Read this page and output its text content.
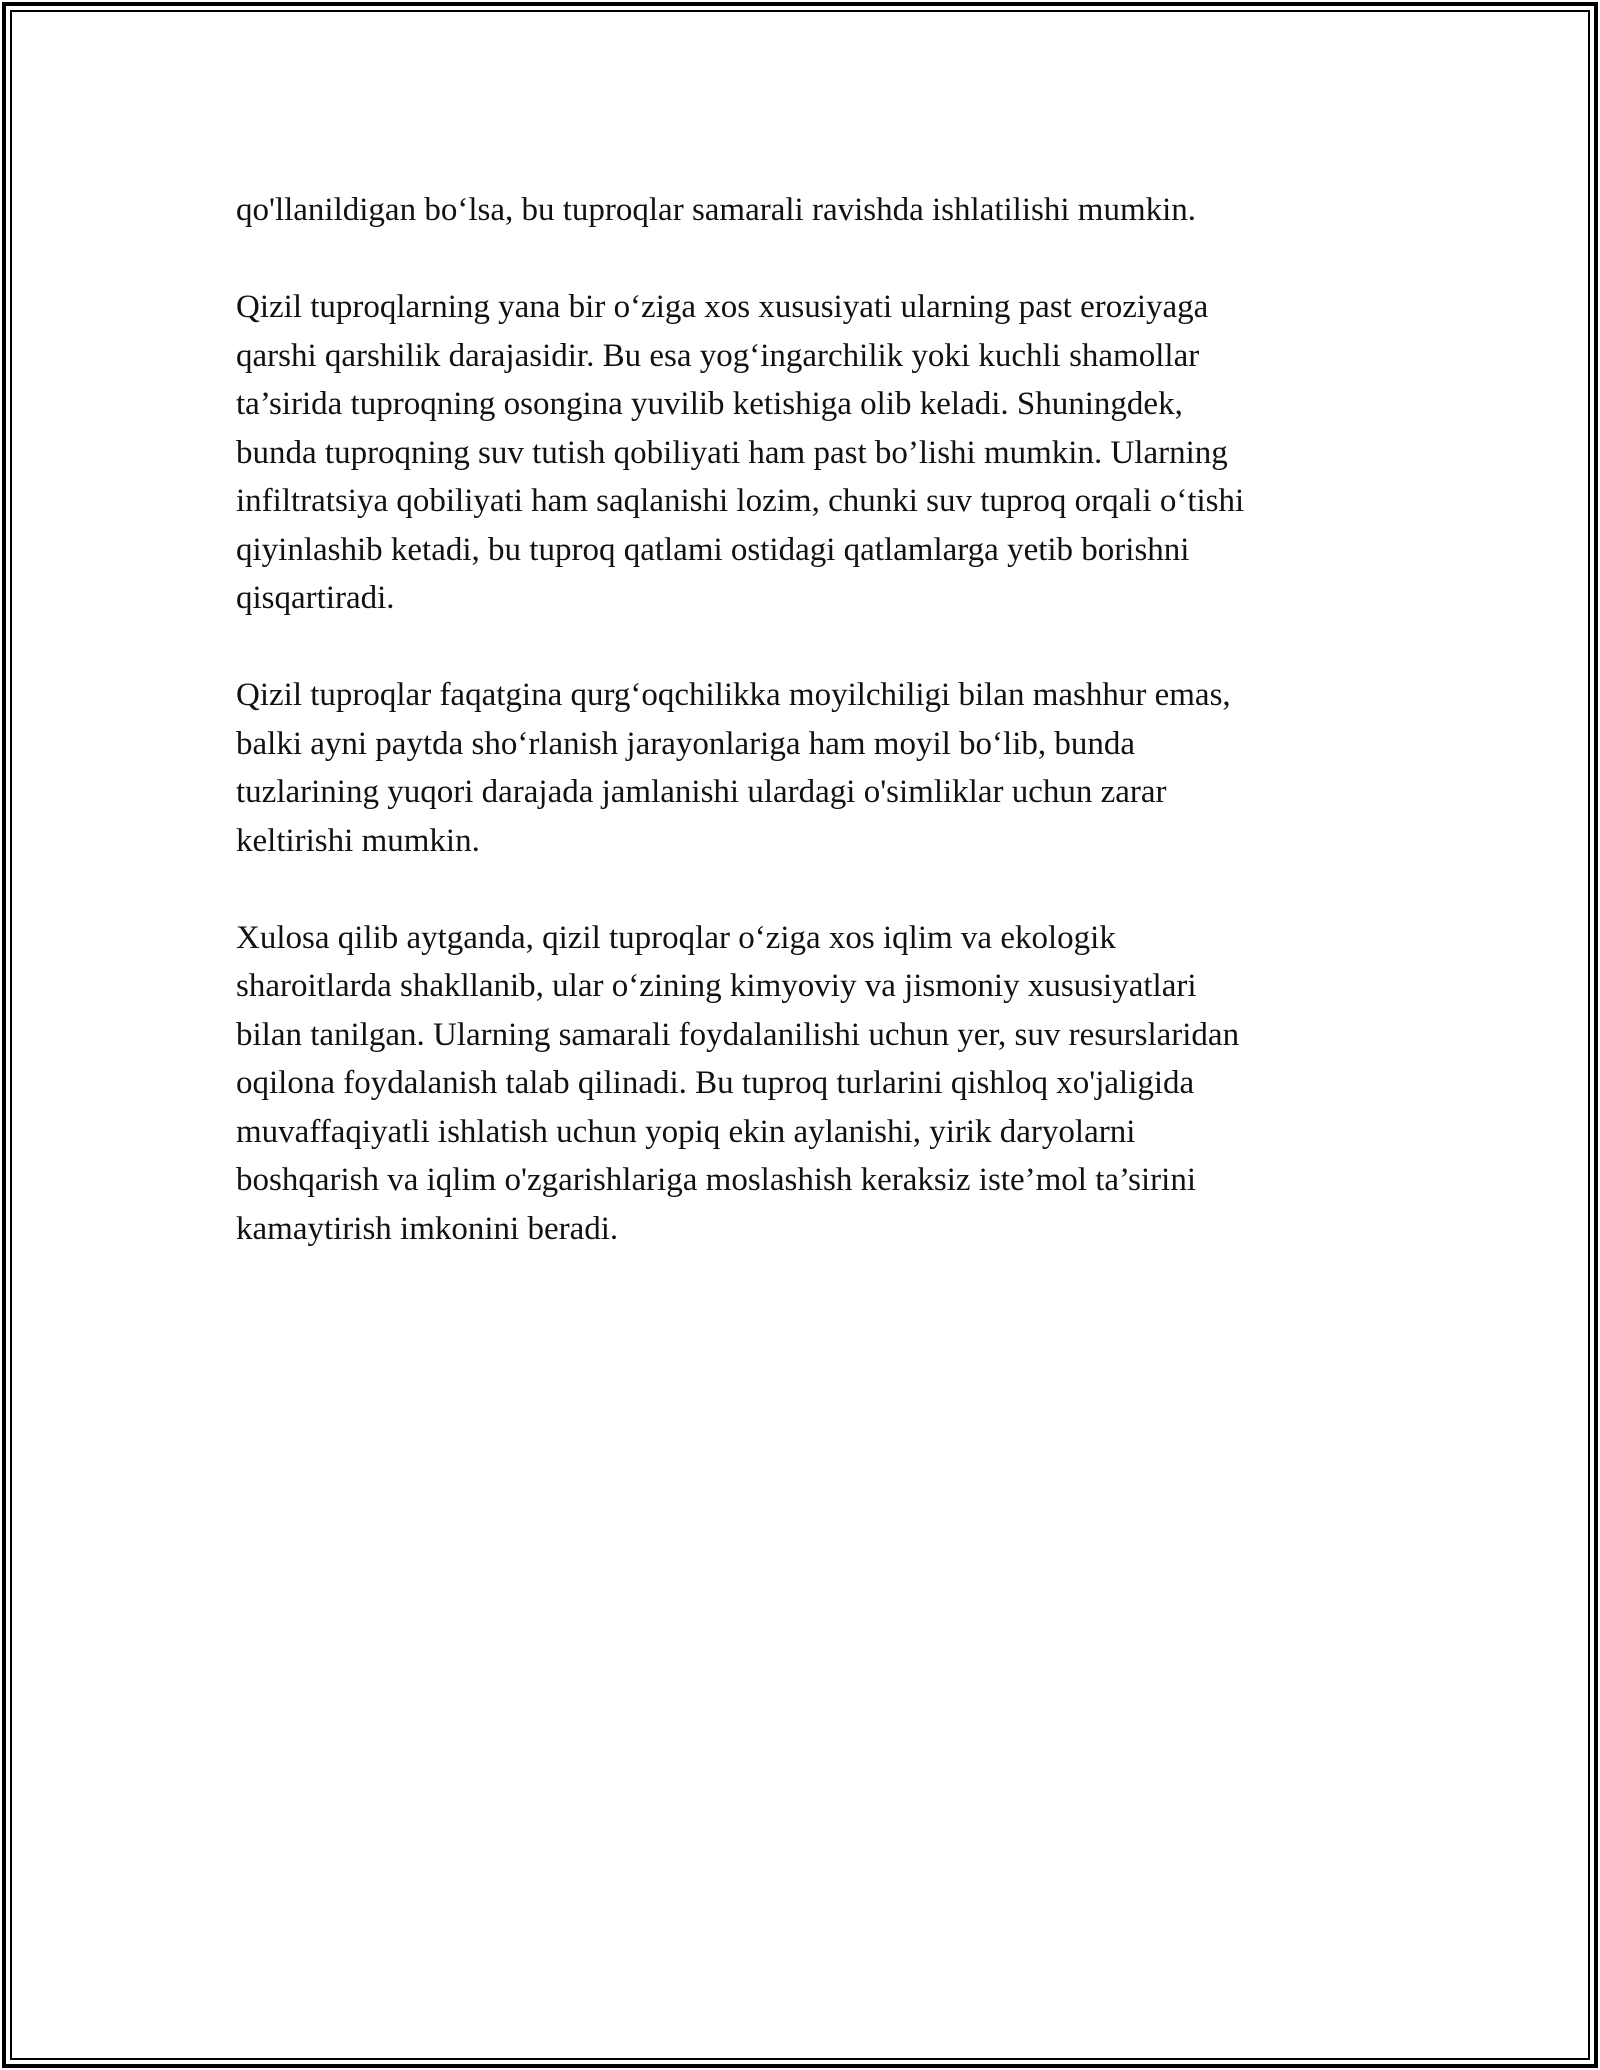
qo'llanildigan bo‘lsa, bu tuproqlar samarali ravishda ishlatilishi mumkin.

Qizil tuproqlarning yana bir o‘ziga xos xususiyati ularning past eroziyaga
qarshi qarshilik darajasidir. Bu esa yog‘ingarchilik yoki kuchli shamollar
ta’sirida tuproqning osongina yuvilib ketishiga olib keladi. Shuningdek,
bunda tuproqning suv tutish qobiliyati ham past bo’lishi mumkin. Ularning
infiltratsiya qobiliyati ham saqlanishi lozim, chunki suv tuproq orqali o‘tishi
qiyinlashib ketadi, bu tuproq qatlami ostidagi qatlamlarga yetib borishni
qisqartiradi.

Qizil tuproqlar faqatgina qurg‘oqchilikka moyilchiligi bilan mashhur emas,
balki ayni paytda sho‘rlanish jarayonlariga ham moyil bo‘lib, bunda
tuzlarining yuqori darajada jamlanishi ulardagi o'simliklar uchun zarar
keltirishi mumkin.

Xulosa qilib aytganda, qizil tuproqlar o‘ziga xos iqlim va ekologik
sharoitlarda shakllanib, ular o‘zining kimyoviy va jismoniy xususiyatlari
bilan tanilgan. Ularning samarali foydalanilishi uchun yer, suv resurslaridan
oqilona foydalanish talab qilinadi. Bu tuproq turlarini qishloq xo'jaligida
muvaffaqiyatli ishlatish uchun yopiq ekin aylanishi, yirik daryolarni
boshqarish va iqlim o'zgarishlariga moslashish keraksiz iste’mol ta’sirini
kamaytirish imkonini beradi.
